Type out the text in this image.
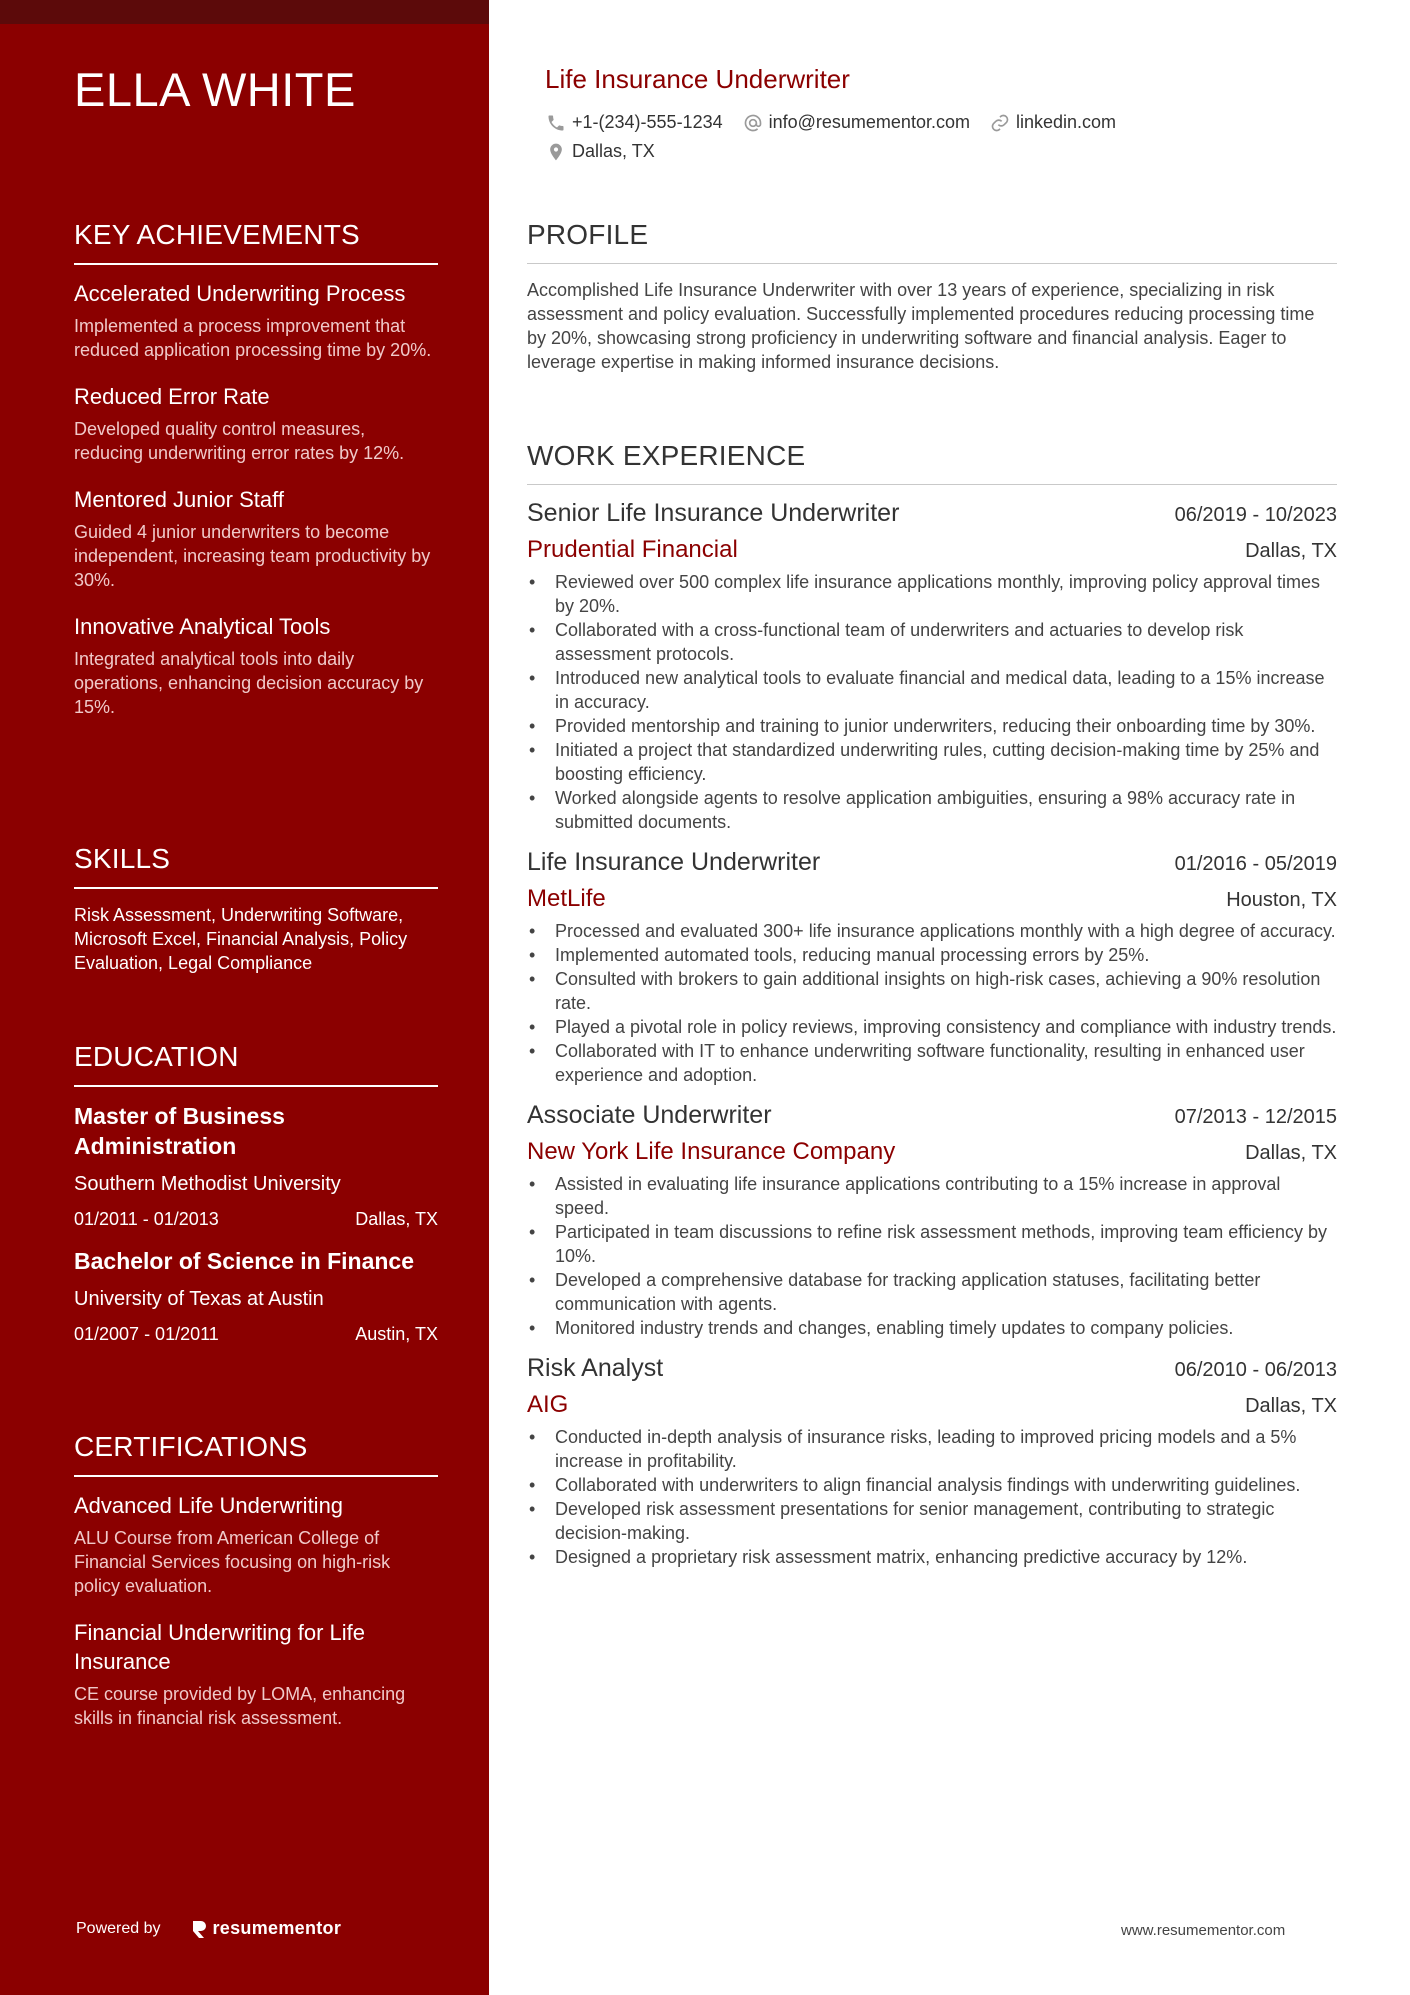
ELLA WHITE
KEY ACHIEVEMENTS
Accelerated Underwriting Process
Implemented a process improvement that reduced application processing time by 20%.
Reduced Error Rate
Developed quality control measures, reducing underwriting error rates by 12%.
Mentored Junior Staff
Guided 4 junior underwriters to become independent, increasing team productivity by 30%.
Innovative Analytical Tools
Integrated analytical tools into daily operations, enhancing decision accuracy by 15%.
SKILLS
Risk Assessment, Underwriting Software, Microsoft Excel, Financial Analysis, Policy Evaluation, Legal Compliance
EDUCATION
Master of Business Administration
Southern Methodist University
01/2011 - 01/2013	Dallas, TX
Bachelor of Science in Finance
University of Texas at Austin
01/2007 - 01/2011	Austin, TX
CERTIFICATIONS
Advanced Life Underwriting
ALU Course from American College of Financial Services focusing on high-risk policy evaluation.
Financial Underwriting for Life Insurance
CE course provided by LOMA, enhancing skills in financial risk assessment.
Powered by	resumementor
Life Insurance Underwriter
+1-(234)-555-1234	info@resumementor.com	linkedin.com
Dallas, TX
PROFILE
Accomplished Life Insurance Underwriter with over 13 years of experience, specializing in risk assessment and policy evaluation. Successfully implemented procedures reducing processing time by 20%, showcasing strong proficiency in underwriting software and financial analysis. Eager to leverage expertise in making informed insurance decisions.
WORK EXPERIENCE
Senior Life Insurance Underwriter	06/2019 - 10/2023
Prudential Financial	Dallas, TX
• Reviewed over 500 complex life insurance applications monthly, improving policy approval times by 20%.
• Collaborated with a cross-functional team of underwriters and actuaries to develop risk assessment protocols.
• Introduced new analytical tools to evaluate financial and medical data, leading to a 15% increase in accuracy.
• Provided mentorship and training to junior underwriters, reducing their onboarding time by 30%.
• Initiated a project that standardized underwriting rules, cutting decision-making time by 25% and boosting efficiency.
• Worked alongside agents to resolve application ambiguities, ensuring a 98% accuracy rate in submitted documents.
Life Insurance Underwriter	01/2016 - 05/2019
MetLife	Houston, TX
• Processed and evaluated 300+ life insurance applications monthly with a high degree of accuracy.
• Implemented automated tools, reducing manual processing errors by 25%.
• Consulted with brokers to gain additional insights on high-risk cases, achieving a 90% resolution rate.
• Played a pivotal role in policy reviews, improving consistency and compliance with industry trends.
• Collaborated with IT to enhance underwriting software functionality, resulting in enhanced user experience and adoption.
Associate Underwriter	07/2013 - 12/2015
New York Life Insurance Company	Dallas, TX
• Assisted in evaluating life insurance applications contributing to a 15% increase in approval speed.
• Participated in team discussions to refine risk assessment methods, improving team efficiency by 10%.
• Developed a comprehensive database for tracking application statuses, facilitating better communication with agents.
• Monitored industry trends and changes, enabling timely updates to company policies.
Risk Analyst	06/2010 - 06/2013
AIG	Dallas, TX
• Conducted in-depth analysis of insurance risks, leading to improved pricing models and a 5% increase in profitability.
• Collaborated with underwriters to align financial analysis findings with underwriting guidelines.
• Developed risk assessment presentations for senior management, contributing to strategic decision-making.
• Designed a proprietary risk assessment matrix, enhancing predictive accuracy by 12%.
www.resumementor.com
